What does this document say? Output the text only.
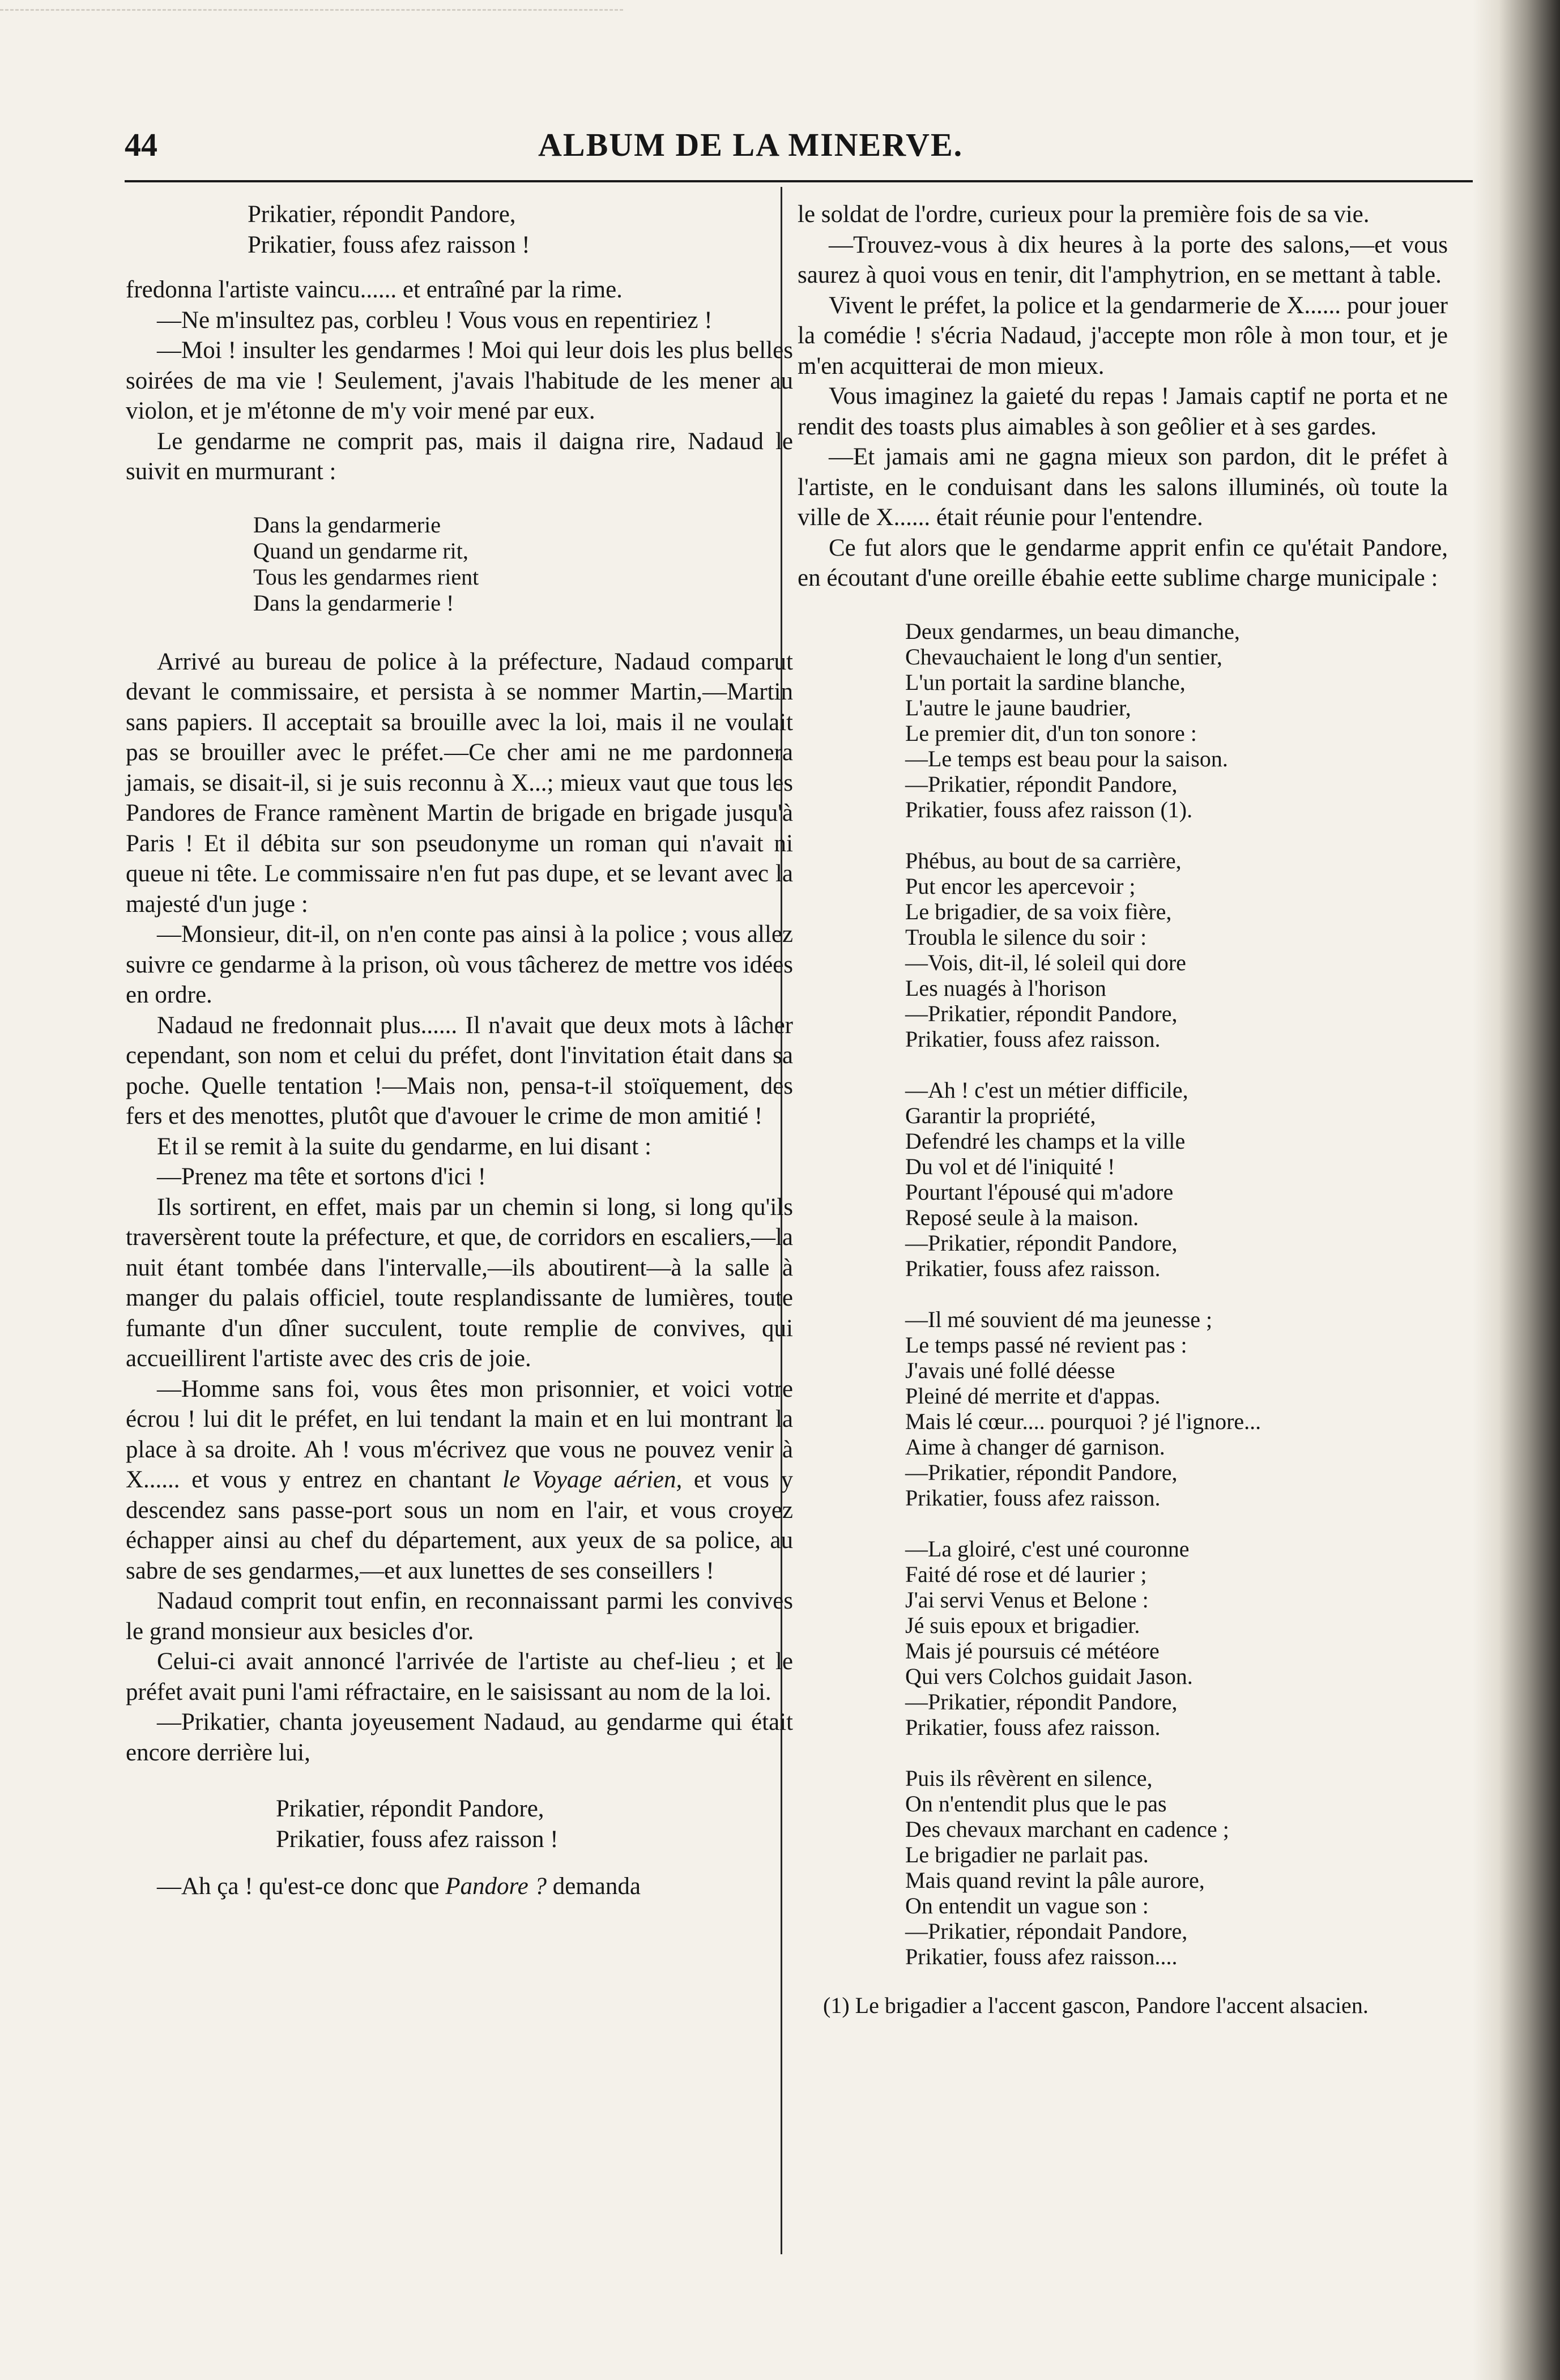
44	ALBUM DE LA MINERVE.
Prikatier, répondit Pandore,
Prikatier, fouss afez raisson !

fredonna l'artiste vaincu...... et entraîné par la rime.

—Ne m'insultez pas, corbleu ! Vous vous en repentiriez !

—Moi ! insulter les gendarmes ! Moi qui leur dois les plus belles soirées de ma vie ! Seulement, j'avais l'habitude de les mener au violon, et je m'étonne de m'y voir mené par eux.

Le gendarme ne comprit pas, mais il daigna rire, Nadaud le suivit en murmurant :

Dans la gendarmerie
Quand un gendarme rit,
Tous les gendarmes rient
Dans la gendarmerie !

Arrivé au bureau de police à la préfecture, Nadaud comparut devant le commissaire, et persista à se nommer Martin,—Martin sans papiers. Il acceptait sa brouille avec la loi, mais il ne voulait pas se brouiller avec le préfet.—Ce cher ami ne me pardonnera jamais, se disait-il, si je suis reconnu à X...; mieux vaut que tous les Pandores de France ramènent Martin de brigade en brigade jusqu'à Paris ! Et il débita sur son pseudonyme un roman qui n'avait ni queue ni tête. Le commissaire n'en fut pas dupe, et se levant avec la majesté d'un juge :

—Monsieur, dit-il, on n'en conte pas ainsi à la police ; vous allez suivre ce gendarme à la prison, où vous tâcherez de mettre vos idées en ordre.

Nadaud ne fredonnait plus...... Il n'avait que deux mots à lâcher cependant, son nom et celui du préfet, dont l'invitation était dans sa poche. Quelle tentation !—Mais non, pensa-t-il stoïquement, des fers et des menottes, plutôt que d'avouer le crime de mon amitié !

Et il se remit à la suite du gendarme, en lui disant :

—Prenez ma tête et sortons d'ici !

Ils sortirent, en effet, mais par un chemin si long, si long qu'ils traversèrent toute la préfecture, et que, de corridors en escaliers,—la nuit étant tombée dans l'intervalle,—ils aboutirent—à la salle à manger du palais officiel, toute resplandissante de lumières, toute fumante d'un dîner succulent, toute remplie de convives, qui accueillirent l'artiste avec des cris de joie.

—Homme sans foi, vous êtes mon prisonnier, et voici votre écrou ! lui dit le préfet, en lui tendant la main et en lui montrant la place à sa droite. Ah ! vous m'écrivez que vous ne pouvez venir à X...... et vous y entrez en chantant le Voyage aérien, et vous y descendez sans passe-port sous un nom en l'air, et vous croyez échapper ainsi au chef du département, aux yeux de sa police, au sabre de ses gendarmes,—et aux lunettes de ses conseillers !

Nadaud comprit tout enfin, en reconnaissant parmi les convives le grand monsieur aux besicles d'or.

Celui-ci avait annoncé l'arrivée de l'artiste au chef-lieu ; et le préfet avait puni l'ami réfractaire, en le saisissant au nom de la loi.

—Prikatier, chanta joyeusement Nadaud, au gendarme qui était encore derrière lui,

Prikatier, répondit Pandore,
Prikatier, fouss afez raisson !

—Ah ça ! qu'est-ce donc que Pandore ? demanda

le soldat de l'ordre, curieux pour la première fois de sa vie.

—Trouvez-vous à dix heures à la porte des salons,—et vous saurez à quoi vous en tenir, dit l'amphytrion, en se mettant à table.

Vivent le préfet, la police et la gendarmerie de X...... pour jouer la comédie ! s'écria Nadaud, j'accepte mon rôle à mon tour, et je m'en acquitterai de mon mieux.

Vous imaginez la gaieté du repas ! Jamais captif ne porta et ne rendit des toasts plus aimables à son geôlier et à ses gardes.

—Et jamais ami ne gagna mieux son pardon, dit le préfet à l'artiste, en le conduisant dans les salons illuminés, où toute la ville de X...... était réunie pour l'entendre.

Ce fut alors que le gendarme apprit enfin ce qu'était Pandore, en écoutant d'une oreille ébahie eette sublime charge municipale :

Deux gendarmes, un beau dimanche,
Chevauchaient le long d'un sentier,
L'un portait la sardine blanche,
L'autre le jaune baudrier,
Le premier dit, d'un ton sonore :
—Le temps est beau pour la saison.
—Prikatier, répondit Pandore,
Prikatier, fouss afez raisson (1).
Phébus, au bout de sa carrière,
Put encor les apercevoir ;
Le brigadier, de sa voix fière,
Troubla le silence du soir :
—Vois, dit-il, lé soleil qui dore
Les nuagés à l'horison
—Prikatier, répondit Pandore,
Prikatier, fouss afez raisson.
—Ah ! c'est un métier difficile,
Garantir la propriété,
Defendré les champs et la ville
Du vol et dé l'iniquité !
Pourtant l'épousé qui m'adore
Reposé seule à la maison.
—Prikatier, répondit Pandore,
Prikatier, fouss afez raisson.
—Il mé souvient dé ma jeunesse ;
Le temps passé né revient pas :
J'avais uné follé déesse
Pleiné dé merrite et d'appas.
Mais lé cœur.... pourquoi ? jé l'ignore...
Aime à changer dé garnison.
—Prikatier, répondit Pandore,
Prikatier, fouss afez raisson.
—La gloiré, c'est uné couronne
Faité dé rose et dé laurier ;
J'ai servi Venus et Belone :
Jé suis epoux et brigadier.
Mais jé poursuis cé météore
Qui vers Colchos guidait Jason.
—Prikatier, répondit Pandore,
Prikatier, fouss afez raisson.
Puis ils rêvèrent en silence,
On n'entendit plus que le pas
Des chevaux marchant en cadence ;
Le brigadier ne parlait pas.
Mais quand revint la pâle aurore,
On entendit un vague son :
—Prikatier, répondait Pandore,
Prikatier, fouss afez raisson....

(1) Le brigadier a l'accent gascon, Pandore l'accent alsacien.
